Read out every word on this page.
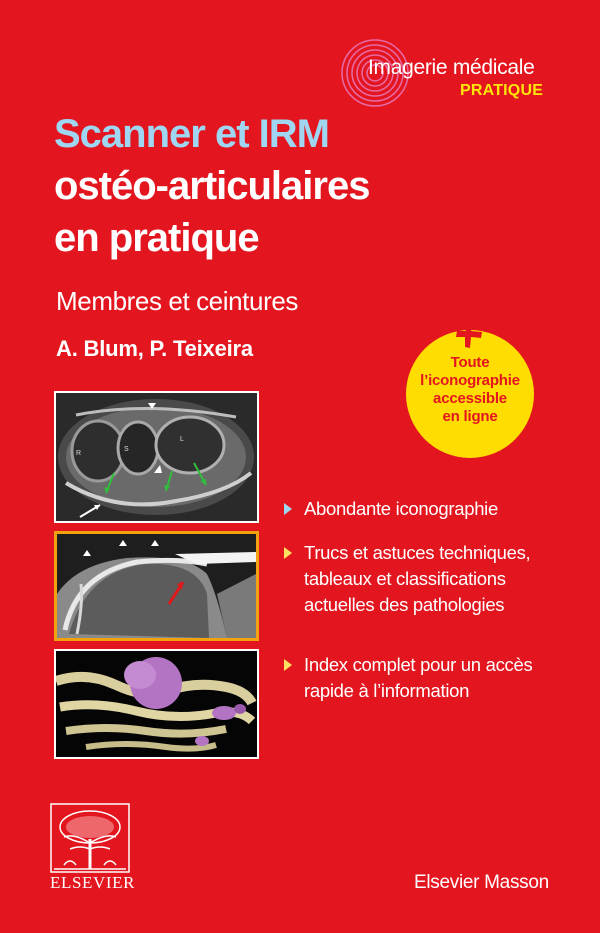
Imagerie médicale
PRATIQUE
Scanner et IRM
ostéo-articulaires
en pratique
Membres et ceintures
A. Blum, P. Teixeira
Toute
l’iconographie
accessible
en ligne
R
S
L
Abondante iconographie
Trucs et astuces techniques,
tableaux et classifications
actuelles des pathologies
Index complet pour un accès
rapide à l’information
ELSEVIER	Elsevier Masson
